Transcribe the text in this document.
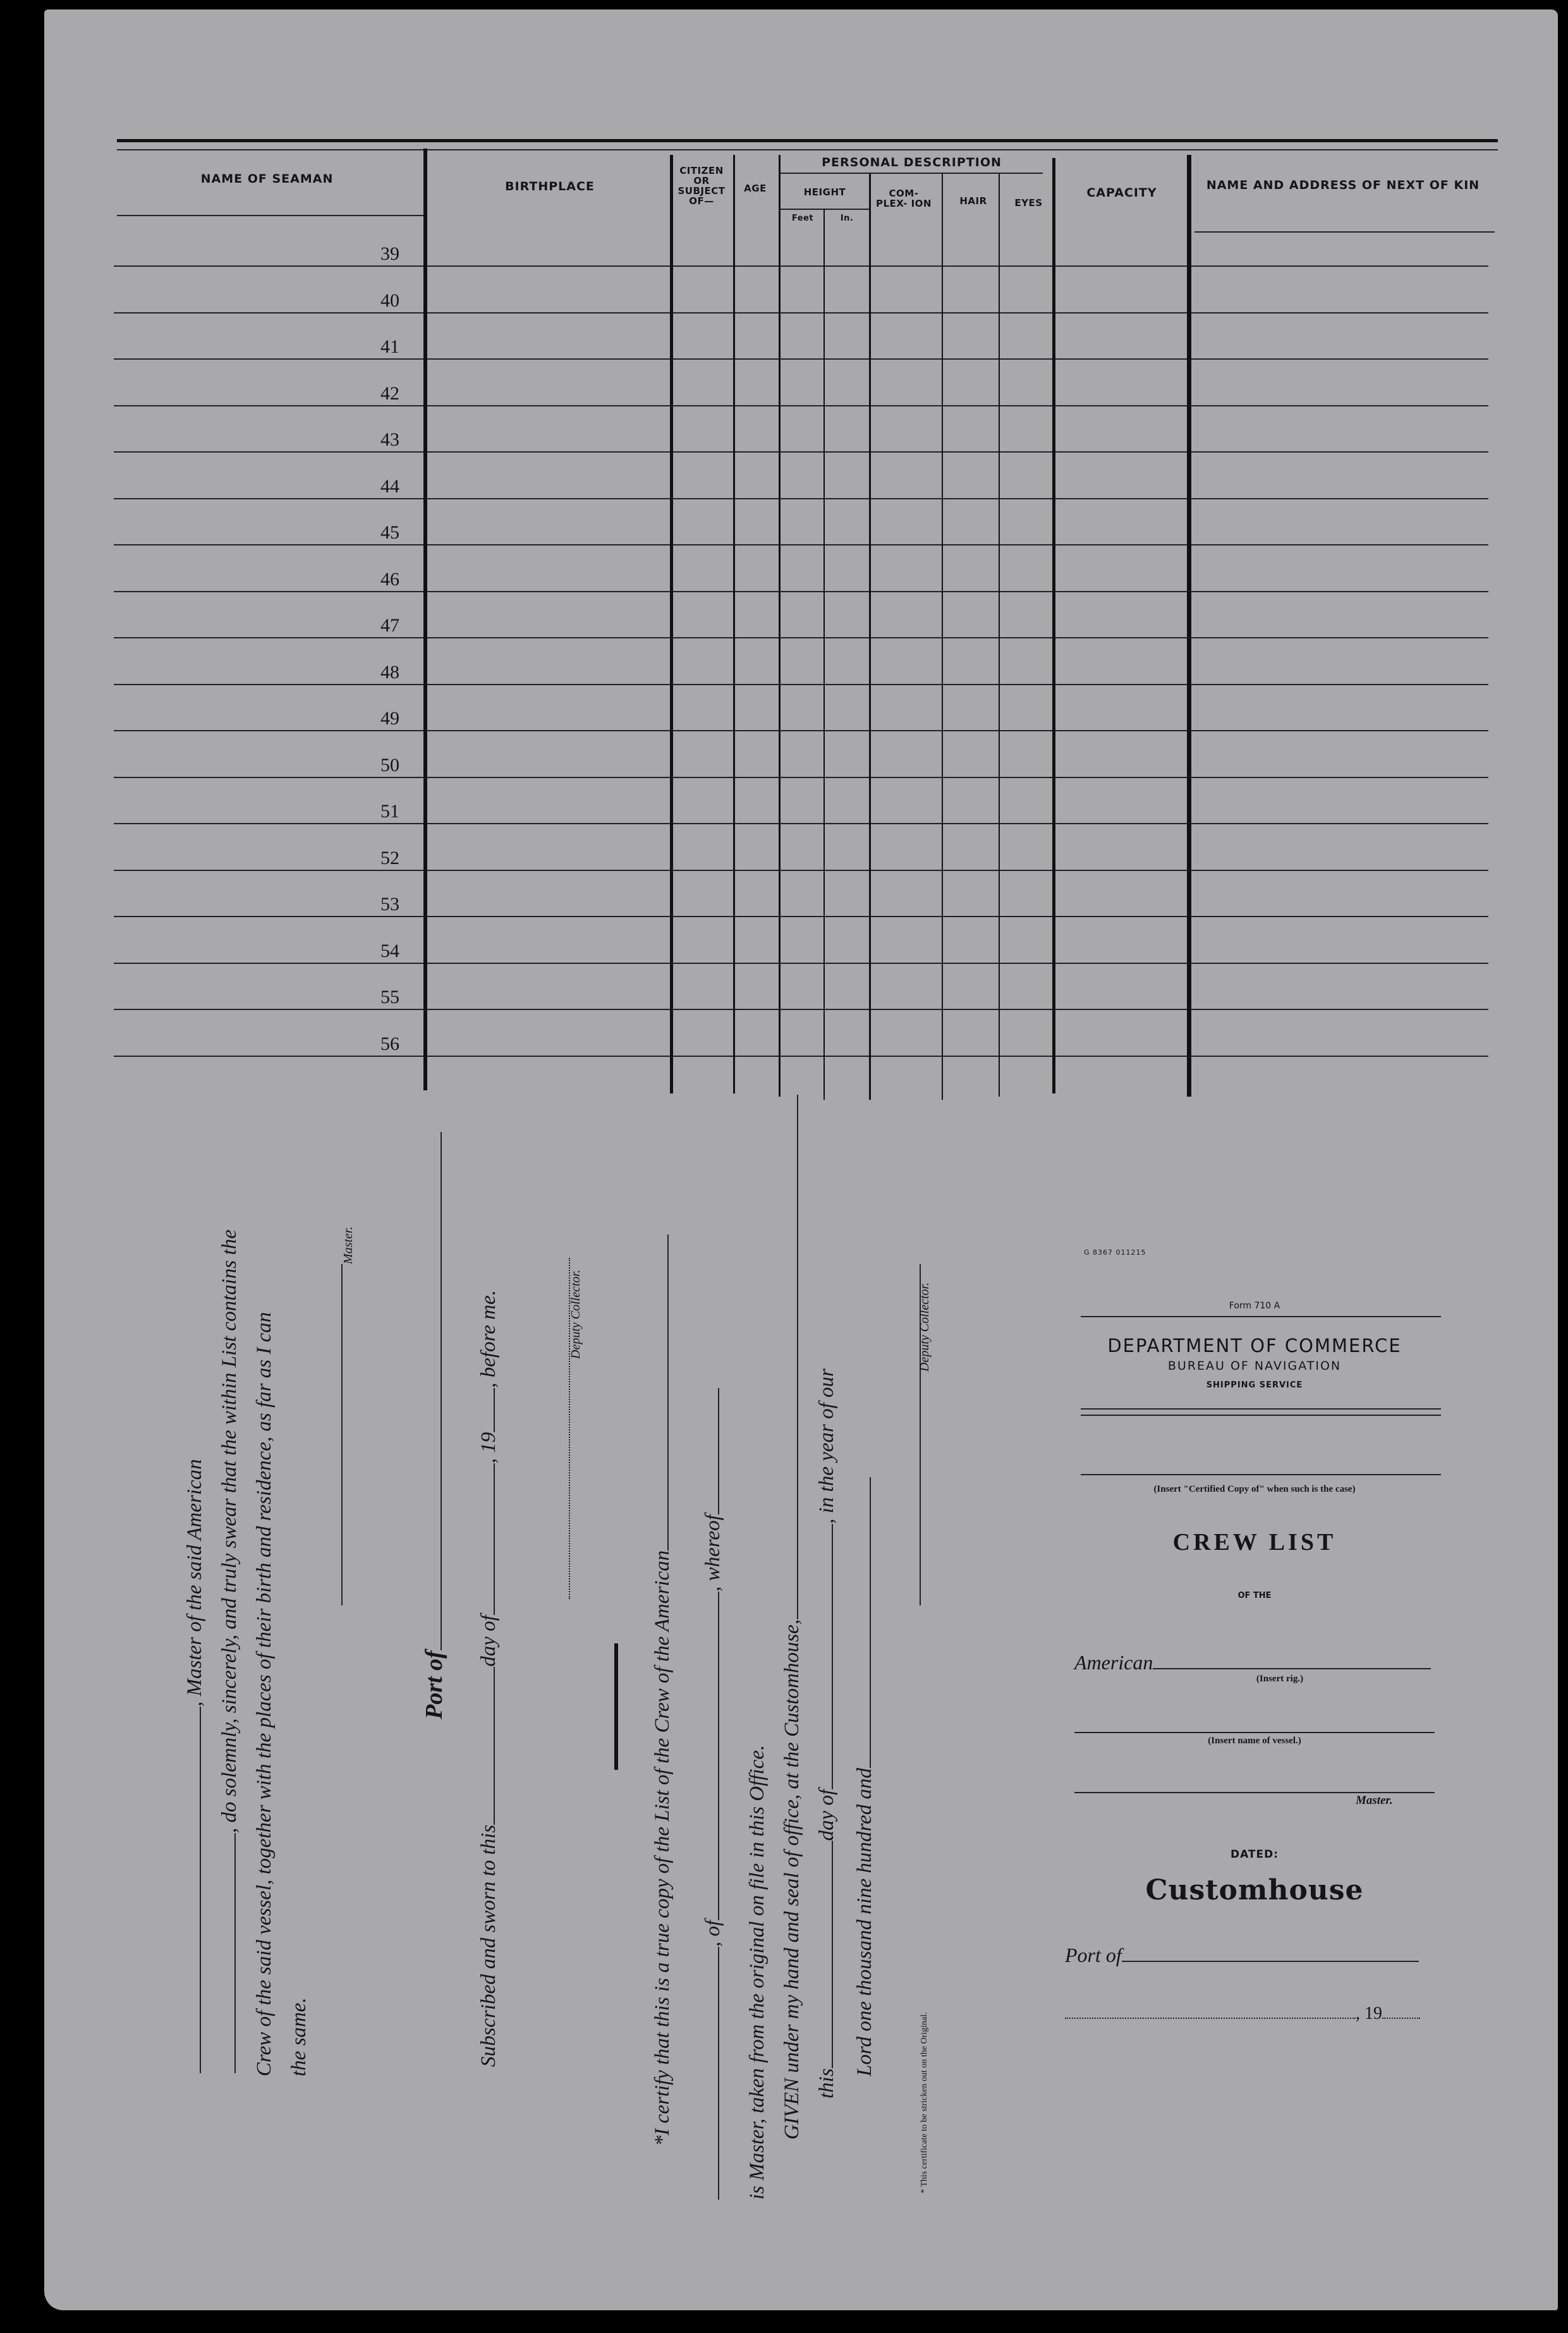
NAME OF SEAMAN
BIRTHPLACE
CITIZEN OR SUBJECT OF—
AGE
PERSONAL DESCRIPTION
HEIGHT
Feet	In.
COM- PLEX- ION	HAIR	EYES
CAPACITY
NAME AND ADDRESS OF NEXT OF KIN
39
40
41
42
43
44
45
46
47
48
49
50
51
52
53
54
55
56
, Master of the said American , do solemnly, sincerely, and truly swear that the within List contains the Crew of the said vessel, together with the places of their birth and residence, as far as I can the same.
Master.
Port of
Subscribed and sworn to thisday of, 19, before me.	Deputy Collector.
*I certify that this is a true copy of the List of the Crew of the American , of, whereof
is Master, taken from the original on file in this Office. GIVEN under my hand and seal of office, at the Customhouse, thisday of, in the year of our
Lord one thousand nine hundred and
Deputy Collector.
* This certificate to be stricken out on the Original.
G 8367 011215
Form 710 A
DEPARTMENT OF COMMERCE
BUREAU OF NAVIGATION
SHIPPING SERVICE
(Insert "Certified Copy of" when such is the case)
CREW LIST
OF THE
American
(Insert rig.)
(Insert name of vessel.)
Master.
DATED:
Customhouse
Port of
, 19
